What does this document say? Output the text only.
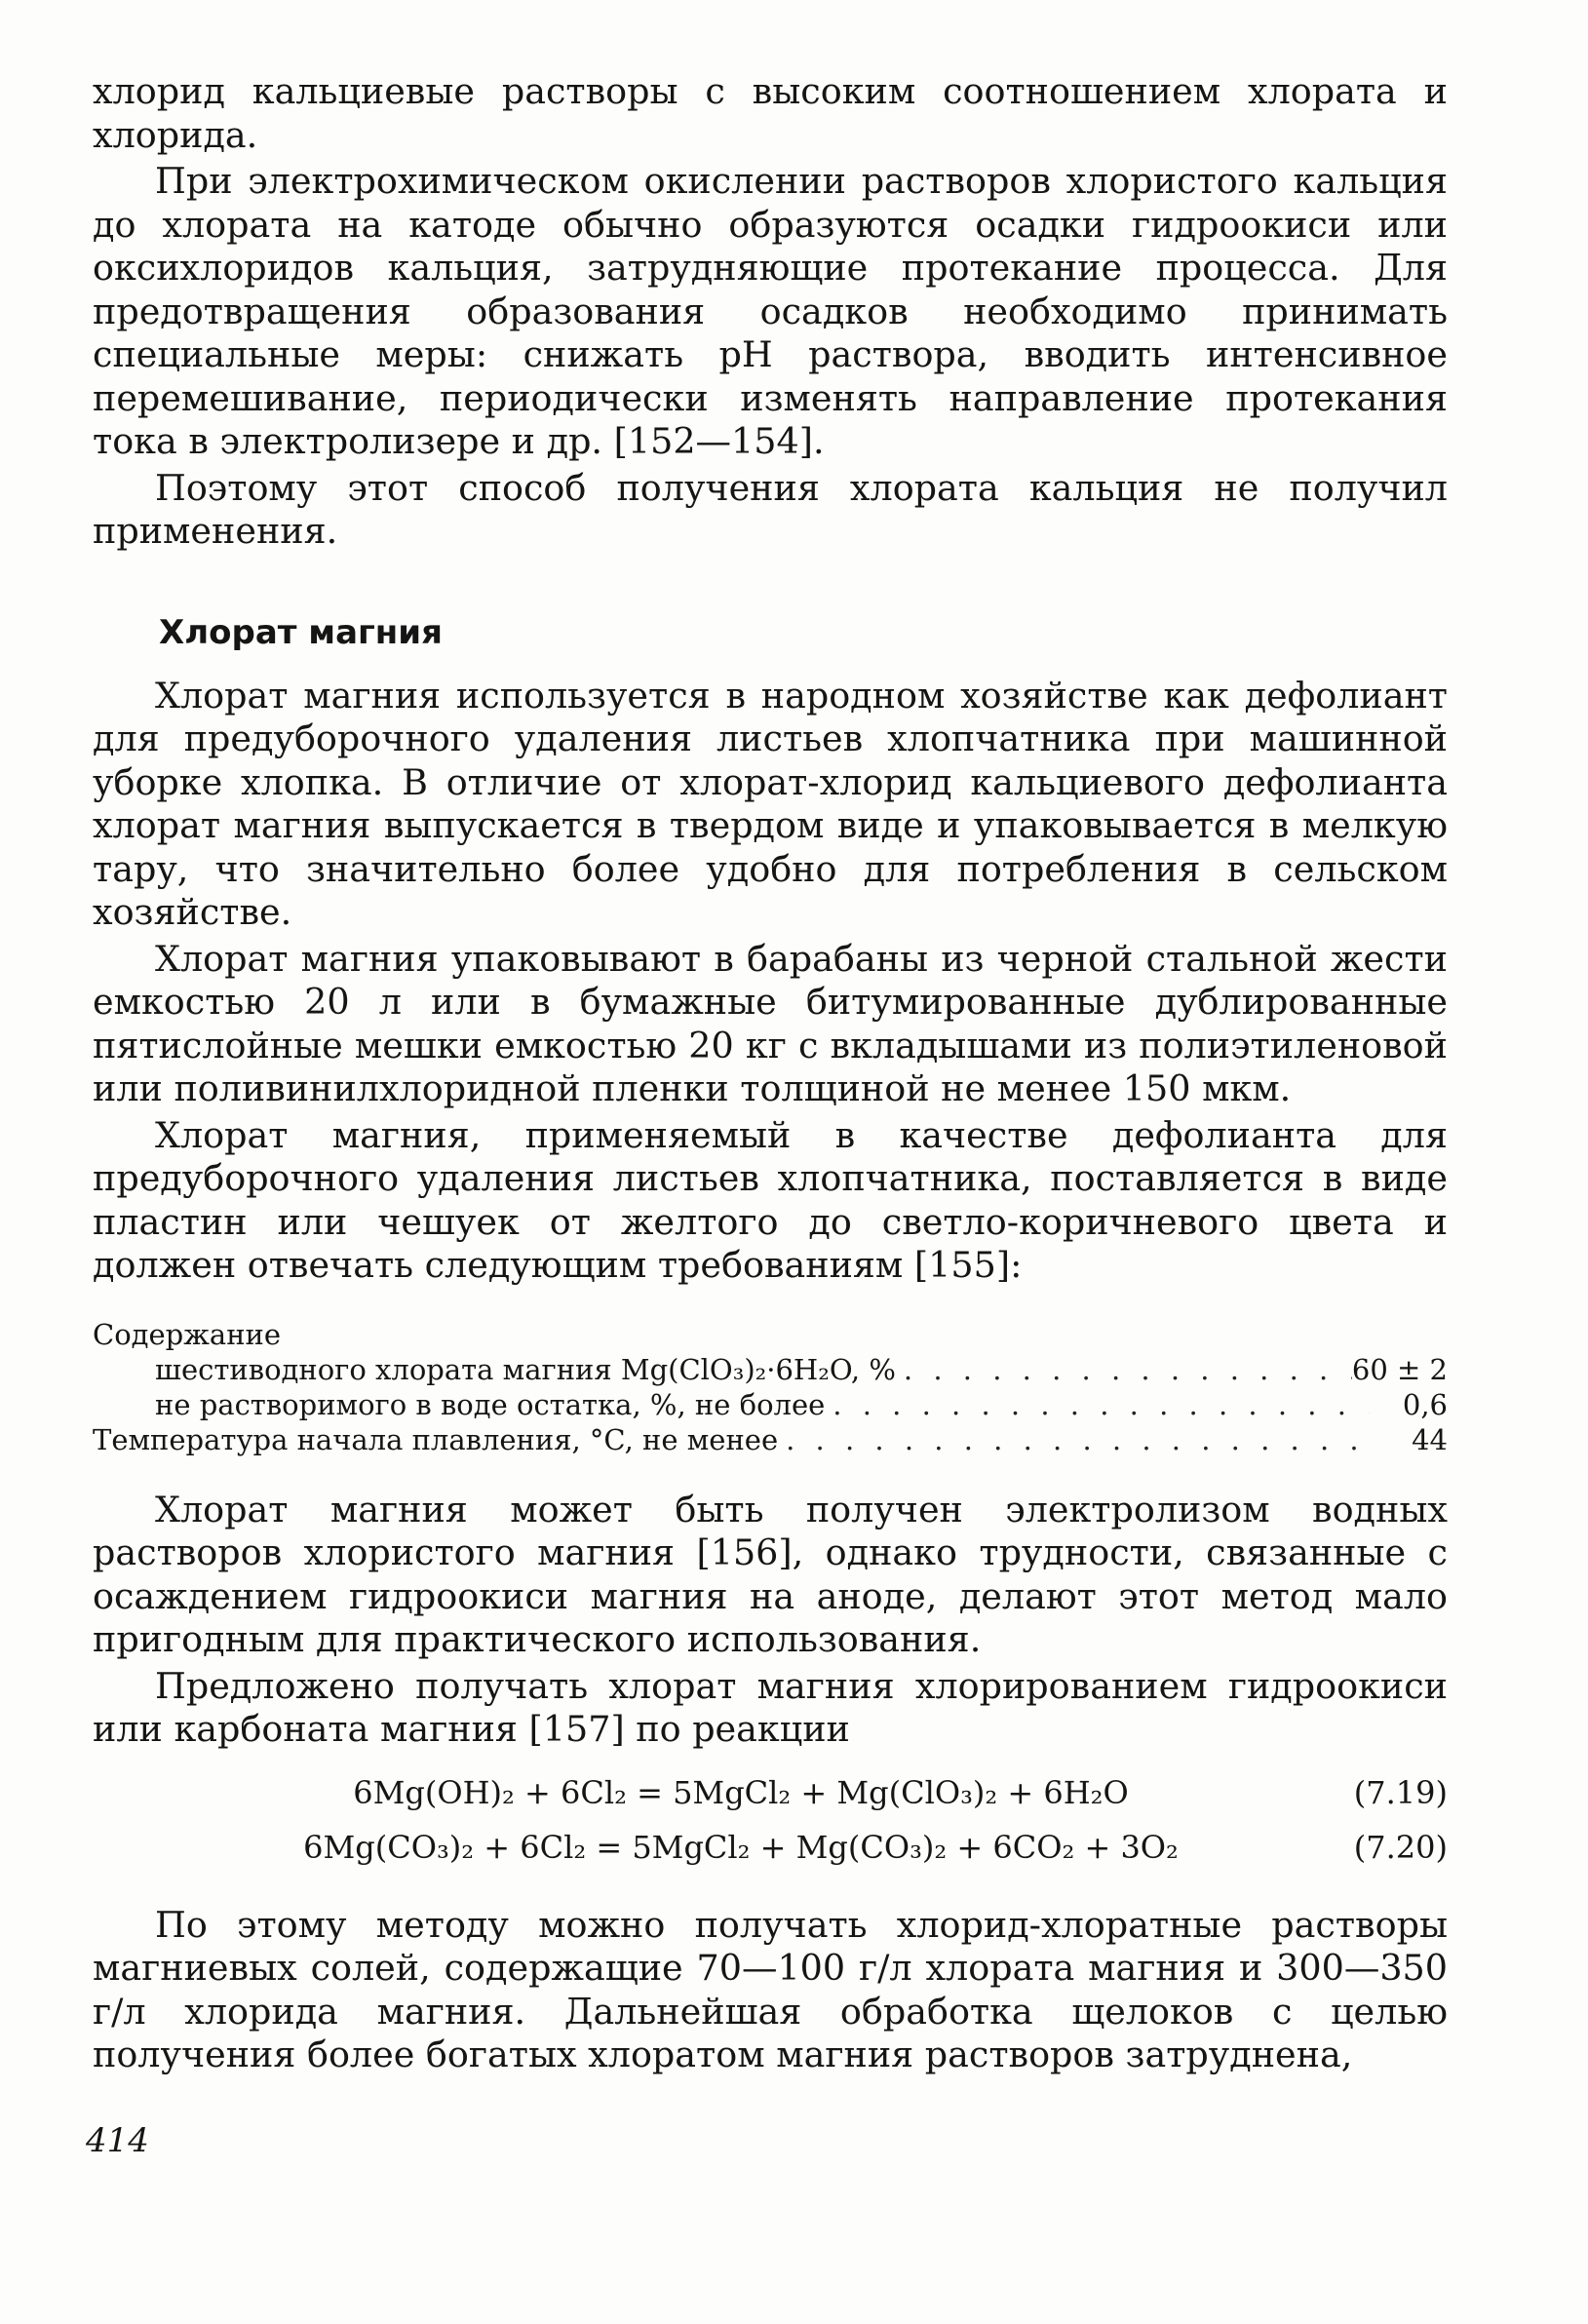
хлорид кальциевые растворы с высоким соотношением хлората и хлорида.

При электрохимическом окислении растворов хлористого кальция до хлората на катоде обычно образуются осадки гидроокиси или оксихлоридов кальция, затрудняющие протекание процесса. Для предотвращения образования осадков необходимо принимать специальные меры: снижать pH раствора, вводить интенсивное перемешивание, периодически изменять направление протекания тока в электролизере и др. [152—154].

Поэтому этот способ получения хлората кальция не получил применения.

Хлорат магния

Хлорат магния используется в народном хозяйстве как дефолиант для предуборочного удаления листьев хлопчатника при машинной уборке хлопка. В отличие от хлорат-хлорид кальциевого дефолианта хлорат магния выпускается в твердом виде и упаковывается в мелкую тару, что значительно более удобно для потребления в сельском хозяйстве.

Хлорат магния упаковывают в барабаны из черной стальной жести емкостью 20 л или в бумажные битумированные дублированные пятислойные мешки емкостью 20 кг с вкладышами из полиэтиленовой или поливинилхлоридной пленки толщиной не менее 150 мкм.

Хлорат магния, применяемый в качестве дефолианта для предуборочного удаления листьев хлопчатника, поставляется в виде пластин или чешуек от желтого до светло-коричневого цвета и должен отвечать следующим требованиям [155]:

Содержание
шестиводного хлората магния Mg(ClO₃)₂·6H₂O, % . . .	60 ± 2
не растворимого в воде остатка, %, не более . . .	0,6
Температура начала плавления, °C, не менее . . .	44

Хлорат магния может быть получен электролизом водных растворов хлористого магния [156], однако трудности, связанные с осаждением гидроокиси магния на аноде, делают этот метод мало пригодным для практического использования.

Предложено получать хлорат магния хлорированием гидроокиси или карбоната магния [157] по реакции

6Mg(OH)₂ + 6Cl₂ = 5MgCl₂ + Mg(ClO₃)₂ + 6H₂O	(7.19)
6Mg(CO₃)₂ + 6Cl₂ = 5MgCl₂ + Mg(CO₃)₂ + 6CO₂ + 3O₂	(7.20)

По этому методу можно получать хлорид-хлоратные растворы магниевых солей, содержащие 70—100 г/л хлората магния и 300—350 г/л хлорида магния. Дальнейшая обработка щелоков с целью получения более богатых хлоратом магния растворов затруднена,

414
